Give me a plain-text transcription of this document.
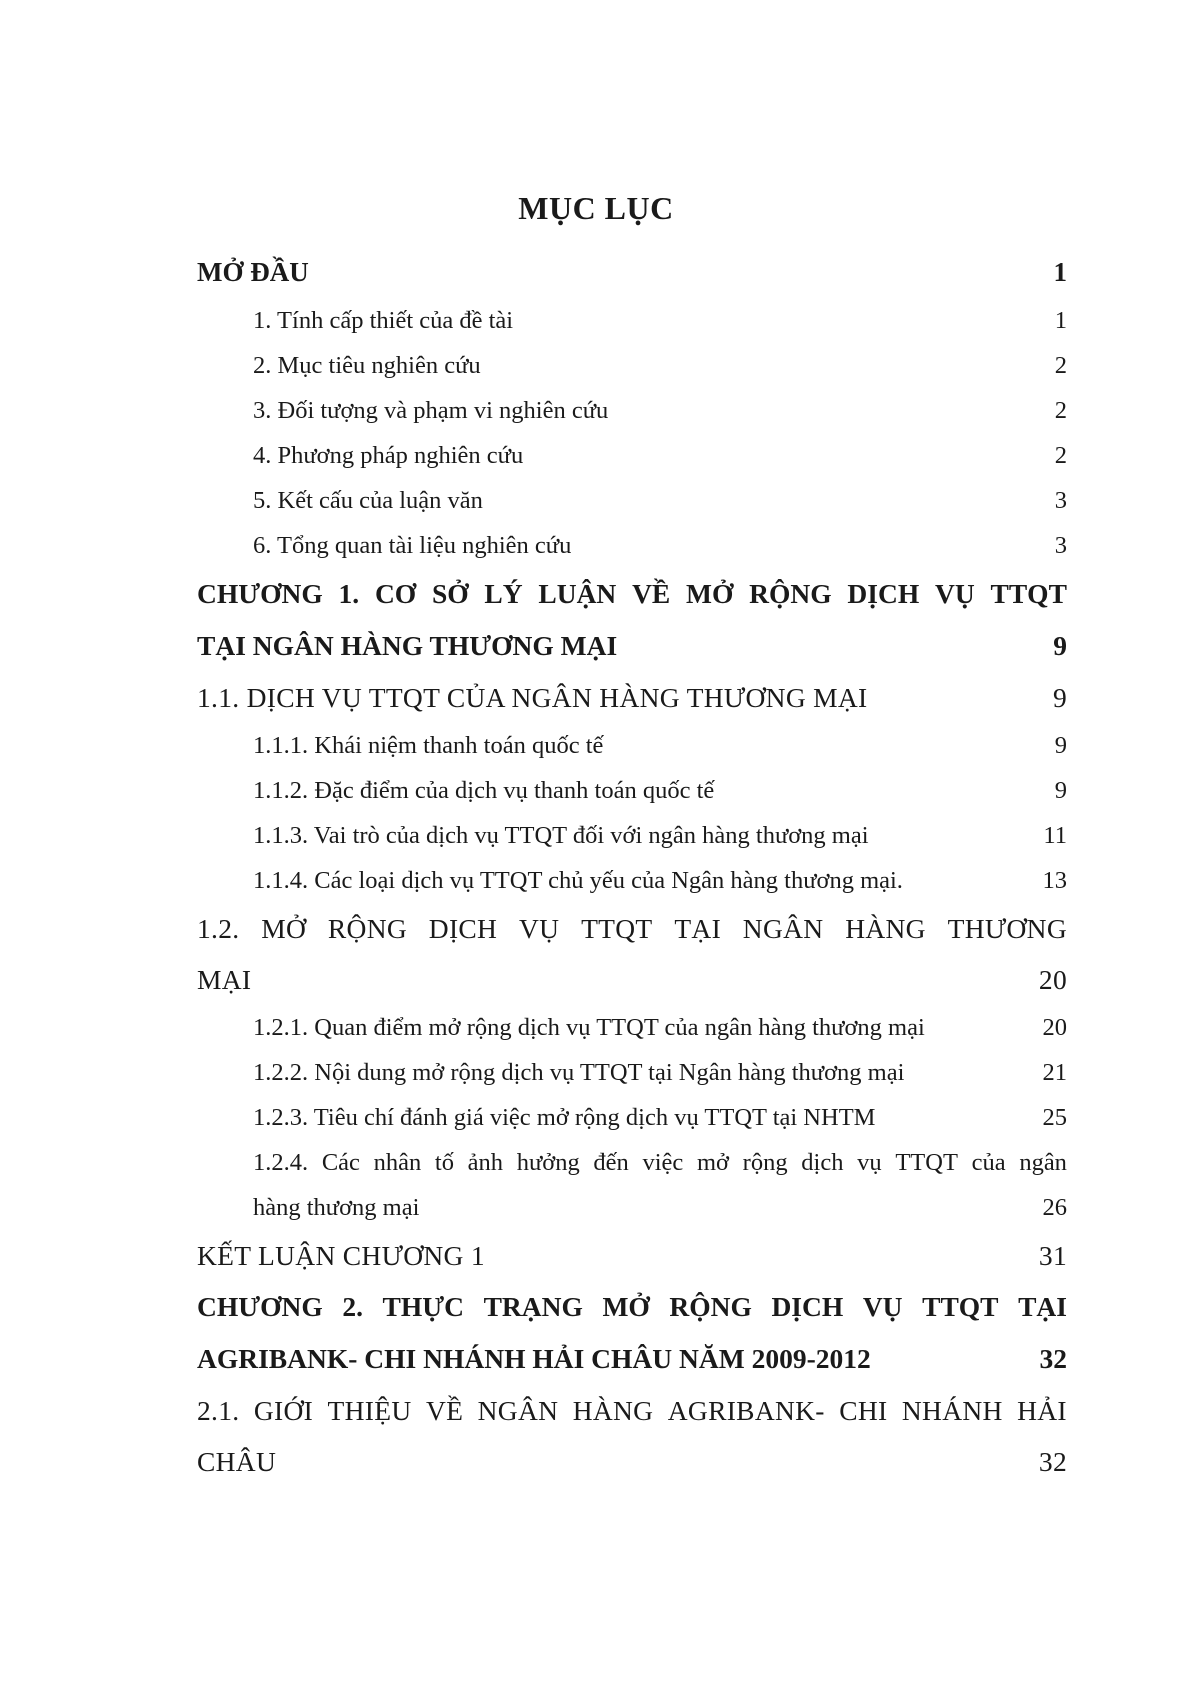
MỤC LỤC
MỞ ĐẦU .....	1
1. Tính cấp thiết của đề tài .....	1
2. Mục tiêu nghiên cứu .....	2
3. Đối tượng và phạm vi nghiên cứu .....	2
4. Phương pháp nghiên cứu .....	2
5. Kết cấu của luận văn .....	3
6. Tổng quan tài liệu nghiên cứu .....	3
CHƯƠNG 1. CƠ SỞ LÝ LUẬN VỀ MỞ RỘNG DỊCH VỤ TTQT
TẠI NGÂN HÀNG THƯƠNG MẠI .....	9
1.1. DỊCH VỤ TTQT CỦA NGÂN HÀNG THƯƠNG MẠI .....	9
1.1.1. Khái niệm thanh toán quốc tế .....	9
1.1.2. Đặc điểm của dịch vụ thanh toán quốc tế .....	9
1.1.3. Vai trò của dịch vụ TTQT đối với ngân hàng thương mại .....	11
1.1.4. Các loại dịch vụ TTQT chủ yếu của Ngân hàng thương mại. .....	13
1.2. MỞ RỘNG DỊCH VỤ TTQT TẠI NGÂN HÀNG THƯƠNG
MẠI .....	20
1.2.1. Quan điểm mở rộng dịch vụ TTQT của ngân hàng thương mại .....	20
1.2.2. Nội dung mở rộng dịch vụ TTQT tại Ngân hàng thương mại .....	21
1.2.3. Tiêu chí đánh giá việc mở rộng dịch vụ TTQT tại NHTM .....	25
1.2.4. Các nhân tố ảnh hưởng đến việc mở rộng dịch vụ TTQT của ngân
hàng thương mại .....	26
KẾT LUẬN CHƯƠNG 1 .....	31
CHƯƠNG 2. THỰC TRẠNG MỞ RỘNG DỊCH VỤ TTQT TẠI
AGRIBANK- CHI NHÁNH HẢI CHÂU NĂM 2009-2012 .....	32
2.1. GIỚI THIỆU VỀ NGÂN HÀNG AGRIBANK- CHI NHÁNH HẢI
CHÂU .....	32
